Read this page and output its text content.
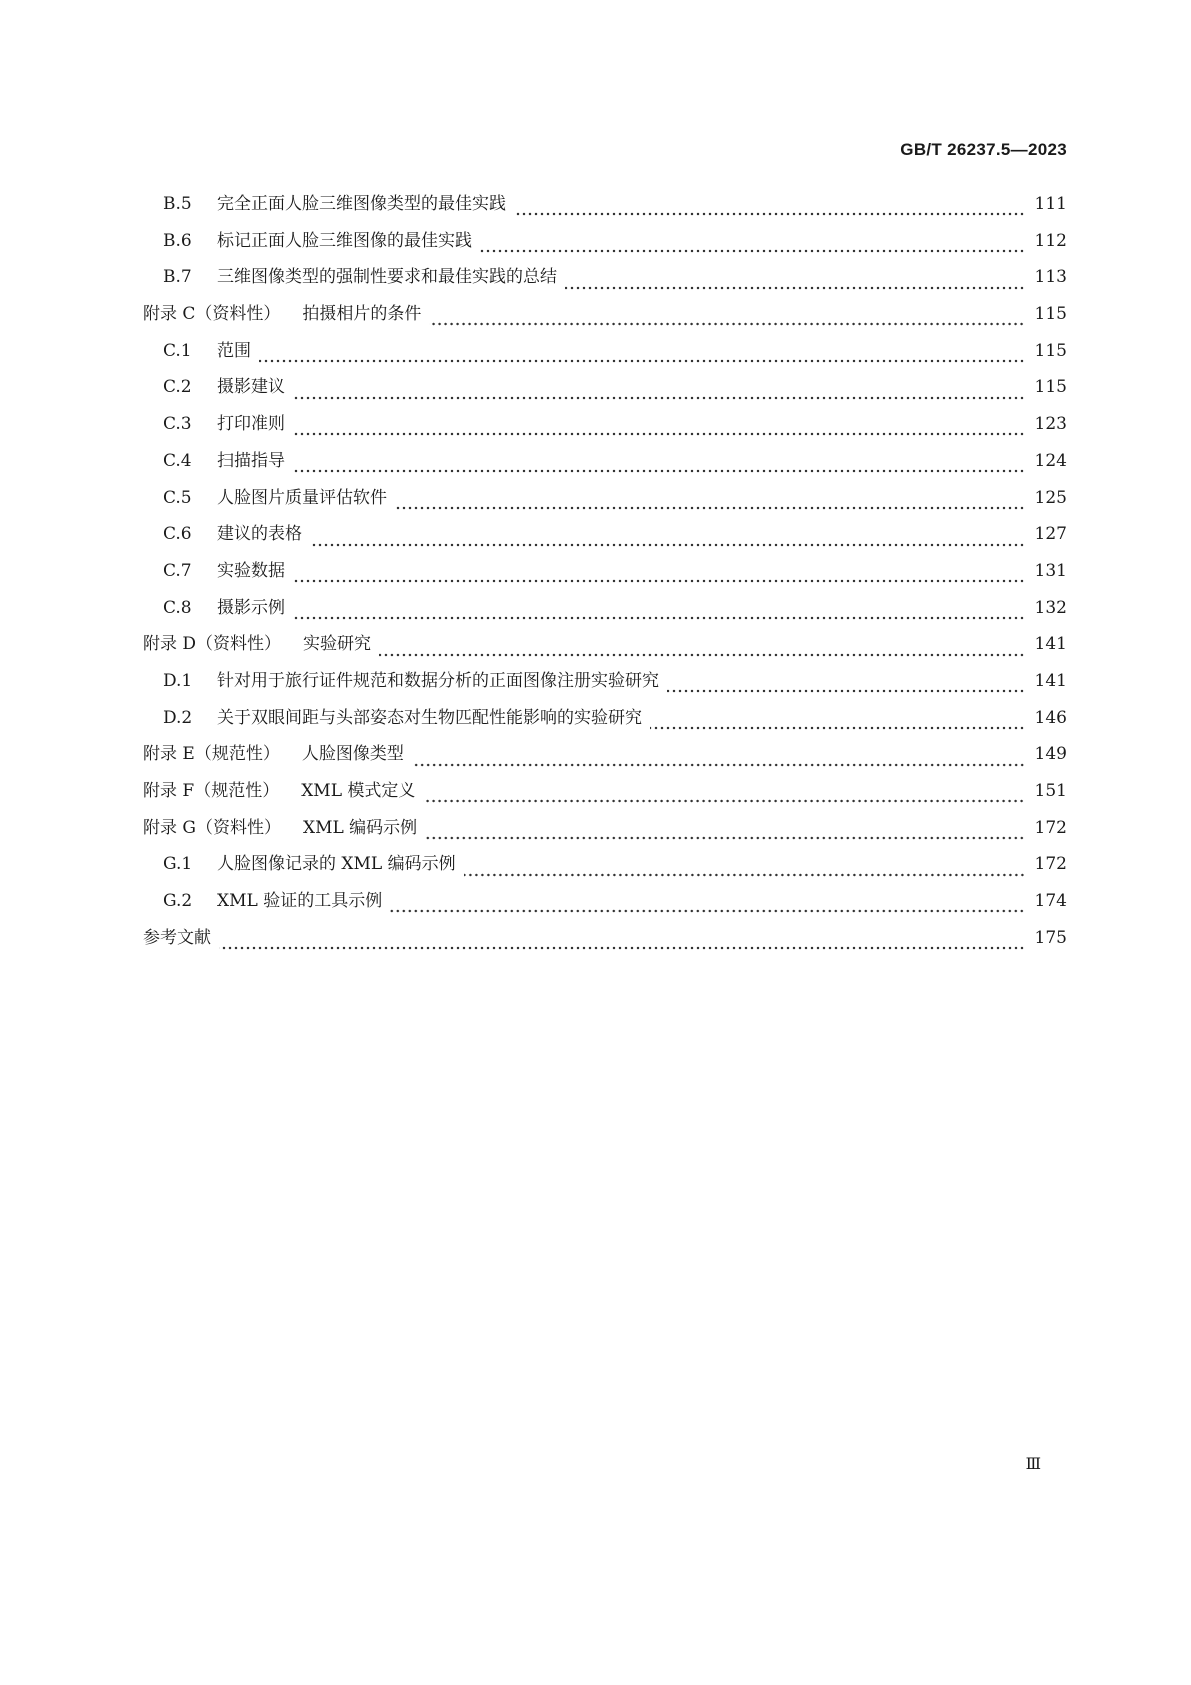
GB/T 26237.5—2023
B.5	完全正面人脸三维图像类型的最佳实践	111
B.6	标记正面人脸三维图像的最佳实践	112
B.7	三维图像类型的强制性要求和最佳实践的总结	113
附录 C（资料性） 拍摄相片的条件	115
C.1	范围	115
C.2	摄影建议	115
C.3	打印准则	123
C.4	扫描指导	124
C.5	人脸图片质量评估软件	125
C.6	建议的表格	127
C.7	实验数据	131
C.8	摄影示例	132
附录 D（资料性） 实验研究	141
D.1	针对用于旅行证件规范和数据分析的正面图像注册实验研究	141
D.2	关于双眼间距与头部姿态对生物匹配性能影响的实验研究	146
附录 E（规范性） 人脸图像类型	149
附录 F（规范性） XML 模式定义	151
附录 G（资料性） XML 编码示例	172
G.1	人脸图像记录的 XML 编码示例	172
G.2	XML 验证的工具示例	174
参考文献	175
Ⅲ
